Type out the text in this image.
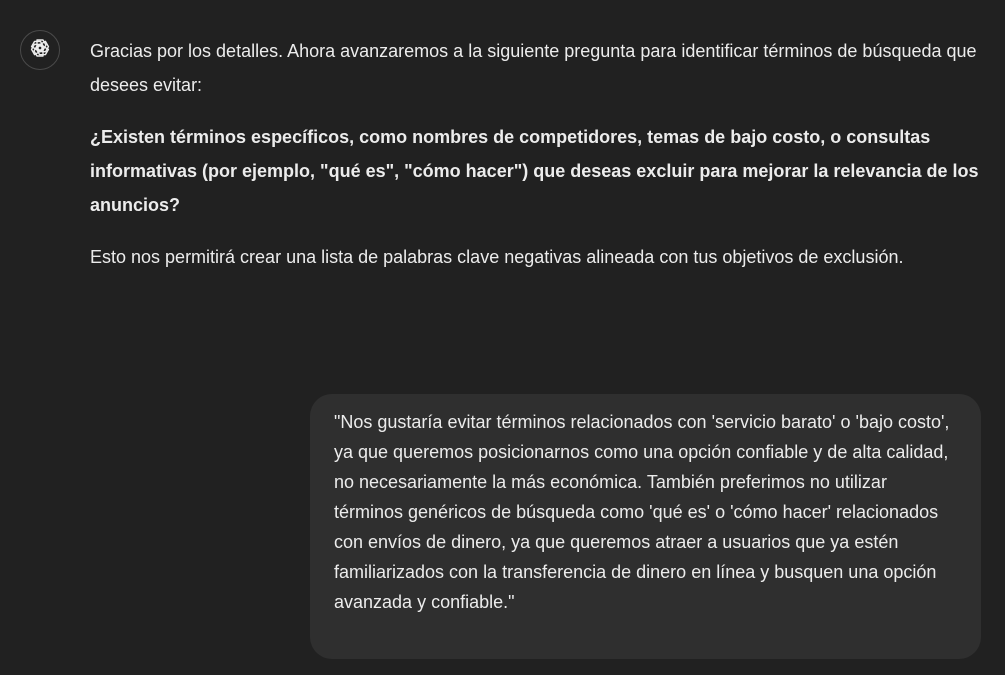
Gracias por los detalles. Ahora avanzaremos a la siguiente pregunta para identificar términos de búsqueda que desees evitar:

¿Existen términos específicos, como nombres de competidores, temas de bajo costo, o consultas informativas (por ejemplo, "qué es", "cómo hacer") que deseas excluir para mejorar la relevancia de los anuncios?

Esto nos permitirá crear una lista de palabras clave negativas alineada con tus objetivos de exclusión.

"Nos gustaría evitar términos relacionados con 'servicio barato' o 'bajo costo', ya que queremos posicionarnos como una opción confiable y de alta calidad, no necesariamente la más económica. También preferimos no utilizar términos genéricos de búsqueda como 'qué es' o 'cómo hacer' relacionados con envíos de dinero, ya que queremos atraer a usuarios que ya estén familiarizados con la transferencia de dinero en línea y busquen una opción avanzada y confiable."
